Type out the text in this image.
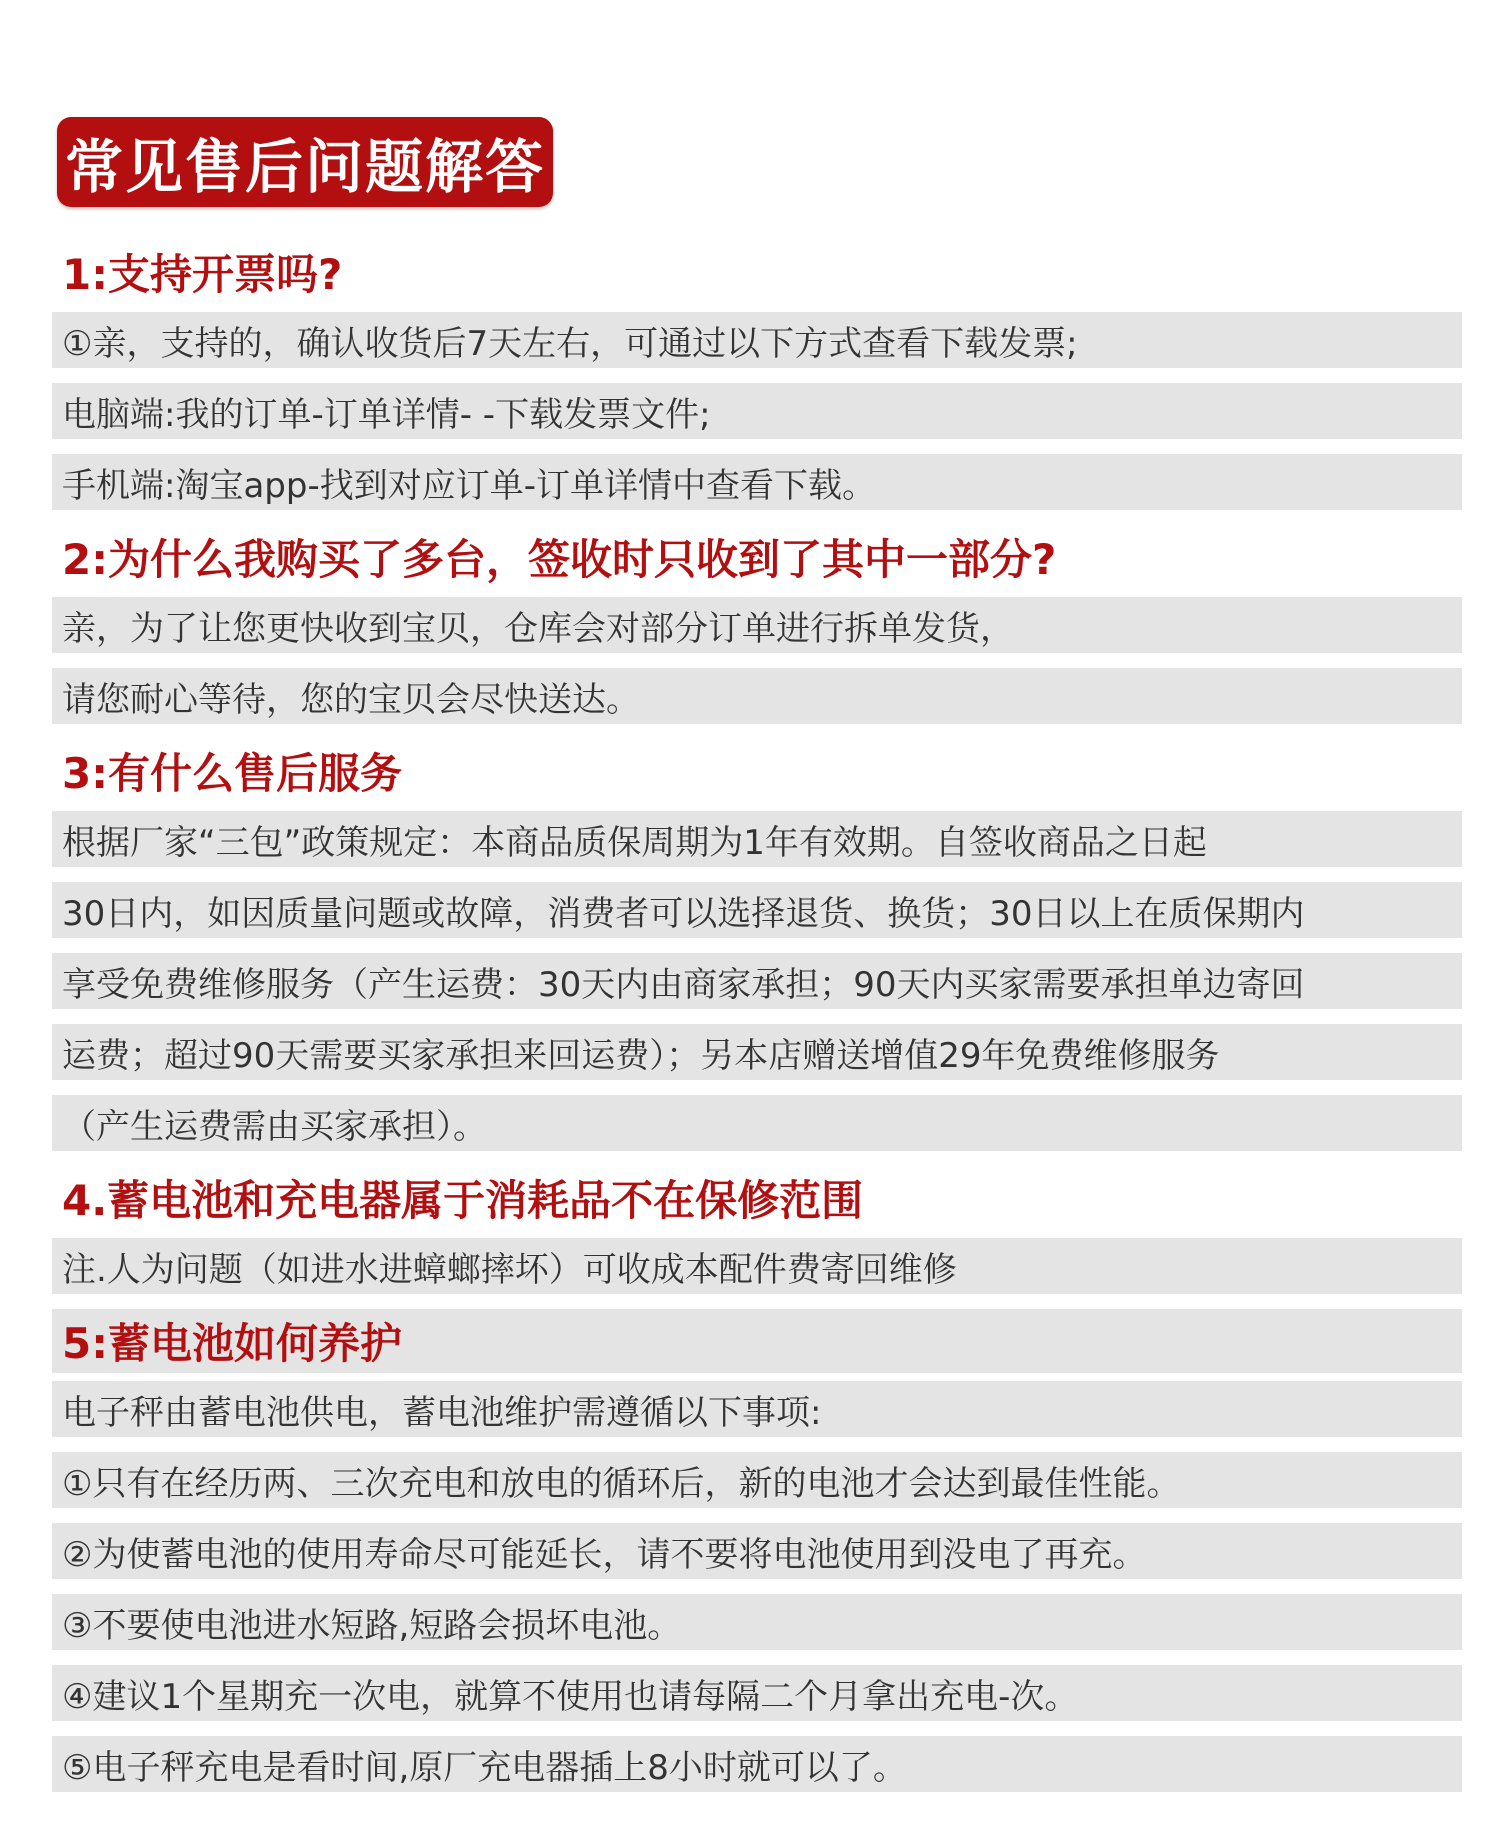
常见售后问题解答
1:支持开票吗?
①亲，支持的，确认收货后7天左右，可通过以下方式查看下载发票;
电脑端:我的订单-订单详情- -下载发票文件;
手机端:淘宝app-找到对应订单-订单详情中查看下载。
2:为什么我购买了多台，签收时只收到了其中一部分?
亲，为了让您更快收到宝贝，仓库会对部分订单进行拆单发货，
请您耐心等待，您的宝贝会尽快送达。
3:有什么售后服务
根据厂家“三包”政策规定：本商品质保周期为1年有效期。自签收商品之日起
30日内，如因质量问题或故障，消费者可以选择退货、换货；30日以上在质保期内
享受免费维修服务（产生运费：30天内由商家承担；90天内买家需要承担单边寄回
运费；超过90天需要买家承担来回运费）；另本店赠送增值29年免费维修服务
（产生运费需由买家承担）。
4.蓄电池和充电器属于消耗品不在保修范围
注.人为问题（如进水进蟑螂摔坏）可收成本配件费寄回维修
5:蓄电池如何养护
电子秤由蓄电池供电，蓄电池维护需遵循以下事项:
①只有在经历两、三次充电和放电的循环后，新的电池才会达到最佳性能。
②为使蓄电池的使用寿命尽可能延长，请不要将电池使用到没电了再充。
③不要使电池进水短路,短路会损坏电池。
④建议1个星期充一次电，就算不使用也请每隔二个月拿出充电-次。
⑤电子秤充电是看时间,原厂充电器插上8小时就可以了。
